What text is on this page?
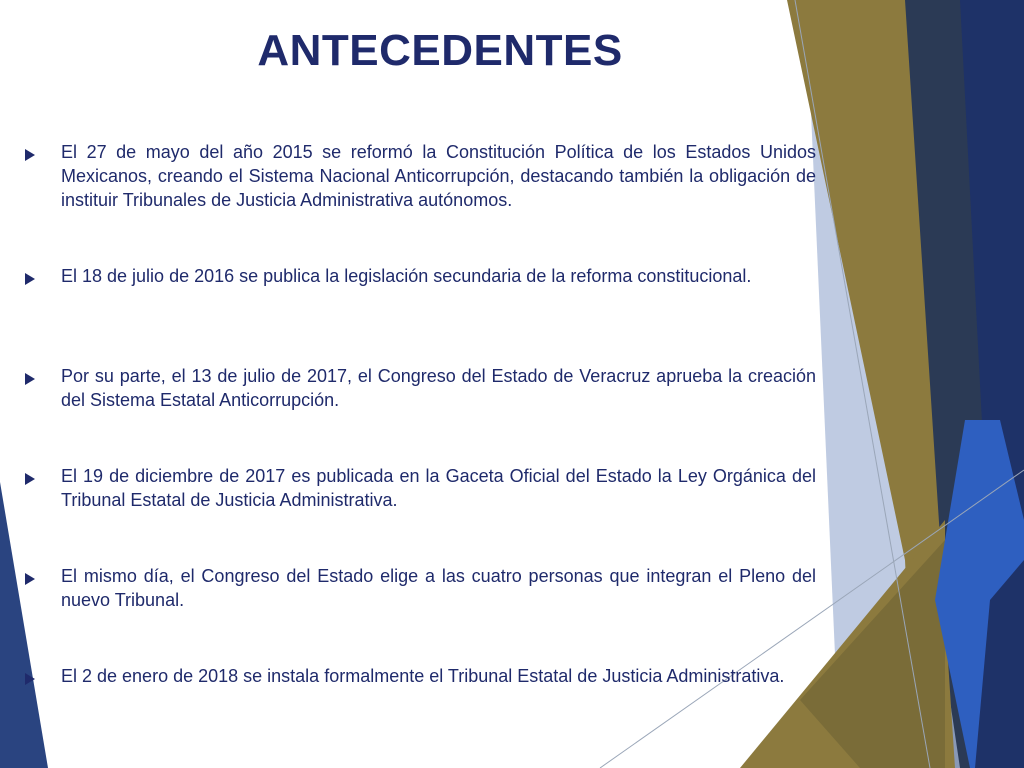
ANTECEDENTES

El 27 de mayo del año 2015 se reformó la Constitución Política de los Estados Unidos Mexicanos, creando el Sistema Nacional Anticorrupción, destacando también la obligación de instituir Tribunales de Justicia Administrativa autónomos.

El 18 de julio de 2016 se publica la legislación secundaria de la reforma constitucional.

Por su parte, el 13 de julio de 2017, el Congreso del Estado de Veracruz aprueba la creación del Sistema Estatal Anticorrupción.

El 19 de diciembre de 2017 es publicada en la Gaceta Oficial del Estado la Ley Orgánica del Tribunal Estatal de Justicia Administrativa.

El mismo día, el Congreso del Estado elige a las cuatro personas que integran el Pleno del nuevo Tribunal.

El 2 de enero de 2018 se instala formalmente el Tribunal Estatal de Justicia Administrativa.
